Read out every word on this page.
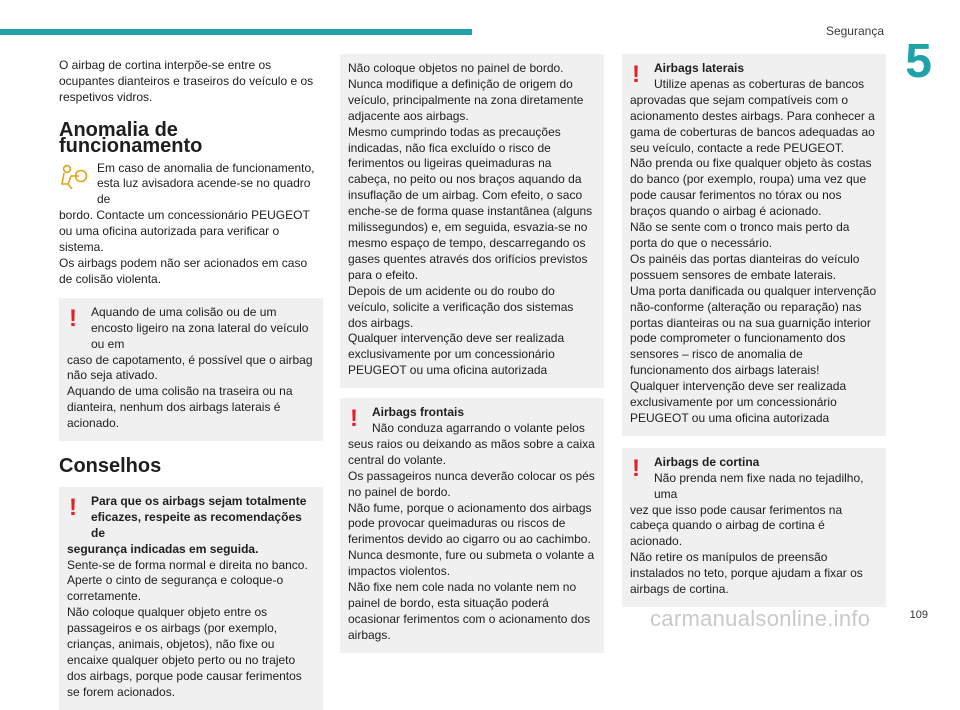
Segurança
5

O airbag de cortina interpõe-se entre os ocupantes dianteiros e traseiros do veículo e os respetivos vidros.

Anomalia de funcionamento

Em caso de anomalia de funcionamento, esta luz avisadora acende-se no quadro de

bordo. Contacte um concessionário PEUGEOT ou uma oficina autorizada para verificar o sistema.

Os airbags podem não ser acionados em caso de colisão violenta.

!	Aquando de uma colisão ou de um encosto ligeiro na zona lateral do veículo ou em

caso de capotamento, é possível que o airbag não seja ativado.

Aquando de uma colisão na traseira ou na dianteira, nenhum dos airbags laterais é acionado.

Conselhos
!	Para que os airbags sejam totalmente eficazes, respeite as recomendações de

segurança indicadas em seguida.

Sente-se de forma normal e direita no banco.

Aperte o cinto de segurança e coloque-o corretamente.

Não coloque qualquer objeto entre os passageiros e os airbags (por exemplo, crianças, animais, objetos), não fixe ou encaixe qualquer objeto perto ou no trajeto dos airbags, porque pode causar ferimentos se forem acionados.

Não coloque objetos no painel de bordo.

Nunca modifique a definição de origem do veículo, principalmente na zona diretamente adjacente aos airbags.

Mesmo cumprindo todas as precauções indicadas, não fica excluído o risco de ferimentos ou ligeiras queimaduras na cabeça, no peito ou nos braços aquando da insuflação de um airbag. Com efeito, o saco enche-se de forma quase instantânea (alguns milissegundos) e, em seguida, esvazia-se no mesmo espaço de tempo, descarregando os gases quentes através dos orifícios previstos para o efeito.

Depois de um acidente ou do roubo do veículo, solicite a verificação dos sistemas dos airbags.

Qualquer intervenção deve ser realizada exclusivamente por um concessionário PEUGEOT ou uma oficina autorizada

!	Airbags frontais

Não conduza agarrando o volante pelos

seus raios ou deixando as mãos sobre a caixa central do volante.

Os passageiros nunca deverão colocar os pés no painel de bordo.

Não fume, porque o acionamento dos airbags pode provocar queimaduras ou riscos de ferimentos devido ao cigarro ou ao cachimbo.

Nunca desmonte, fure ou submeta o volante a impactos violentos.

Não fixe nem cole nada no volante nem no painel de bordo, esta situação poderá ocasionar ferimentos com o acionamento dos airbags.

!	Airbags laterais

Utilize apenas as coberturas de bancos

aprovadas que sejam compatíveis com o acionamento destes airbags. Para conhecer a gama de coberturas de bancos adequadas ao seu veículo, contacte a rede PEUGEOT.

Não prenda ou fixe qualquer objeto às costas do banco (por exemplo, roupa) uma vez que pode causar ferimentos no tórax ou nos braços quando o airbag é acionado.

Não se sente com o tronco mais perto da porta do que o necessário.

Os painéis das portas dianteiras do veículo possuem sensores de embate laterais.

Uma porta danificada ou qualquer intervenção não-conforme (alteração ou reparação) nas portas dianteiras ou na sua guarnição interior pode comprometer o funcionamento dos sensores – risco de anomalia de funcionamento dos airbags laterais!

Qualquer intervenção deve ser realizada exclusivamente por um concessionário PEUGEOT ou uma oficina autorizada

!	Airbags de cortina

Não prenda nem fixe nada no tejadilho, uma

vez que isso pode causar ferimentos na cabeça quando o airbag de cortina é acionado.

Não retire os manípulos de preensão instalados no teto, porque ajudam a fixar os airbags de cortina.

carmanualsonline.info	109
